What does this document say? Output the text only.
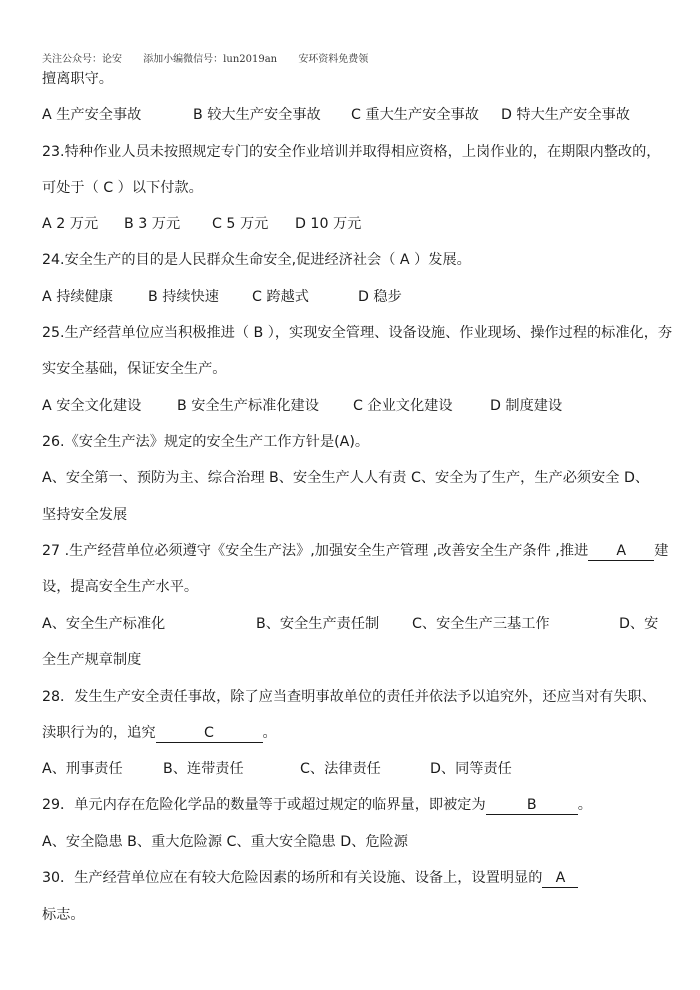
关注公众号：论安 添加小编微信号：lun2019an 安环资料免费领
擅离职守。
A 生产安全事故	B 较大生产安全事故 C 重大生产安全事故 D 特大生产安全事故
23.特种作业人员未按照规定专门的安全作业培训并取得相应资格，上岗作业的，在期限内整改的，
可处于（ C ）以下付款。
A 2 万元 B 3 万元 C 5 万元 D 10 万元
24.安全生产的目的是人民群众生命安全,促进经济社会（ A ）发展。
A 持续健康 B 持续快速 C 跨越式	D 稳步
25.生产经营单位应当积极推进（ B ），实现安全管理、设备设施、作业现场、操作过程的标准化，夯
实安全基础，保证安全生产。
A 安全文化建设	B 安全生产标准化建设 C 企业文化建设	D 制度建设
26.《安全生产法》规定的安全生产工作方针是(A)。
A、安全第一、预防为主、综合治理 B、安全生产人人有责 C、安全为了生产，生产必须安全 D、
坚持安全发展
27 .生产经营单位必须遵守《安全生产法》,加强安全生产管理 ,改善安全生产条件 ,推进 A 建
设，提高安全生产水平。
A、安全生产标准化	B、安全生产责任制 C、安全生产三基工作	D、安
全生产规章制度
28．发生生产安全责任事故，除了应当查明事故单位的责任并依法予以追究外，还应当对有失职、
渎职行为的，追究	C	。
A、刑事责任	B、连带责任	C、法律责任	D、同等责任
29．单元内存在危险化学品的数量等于或超过规定的临界量，即被定为	B	。
A、安全隐患 B、重大危险源 C、重大安全隐患 D、危险源
30．生产经营单位应在有较大危险因素的场所和有关设施、设备上，设置明显的 A
标志。
